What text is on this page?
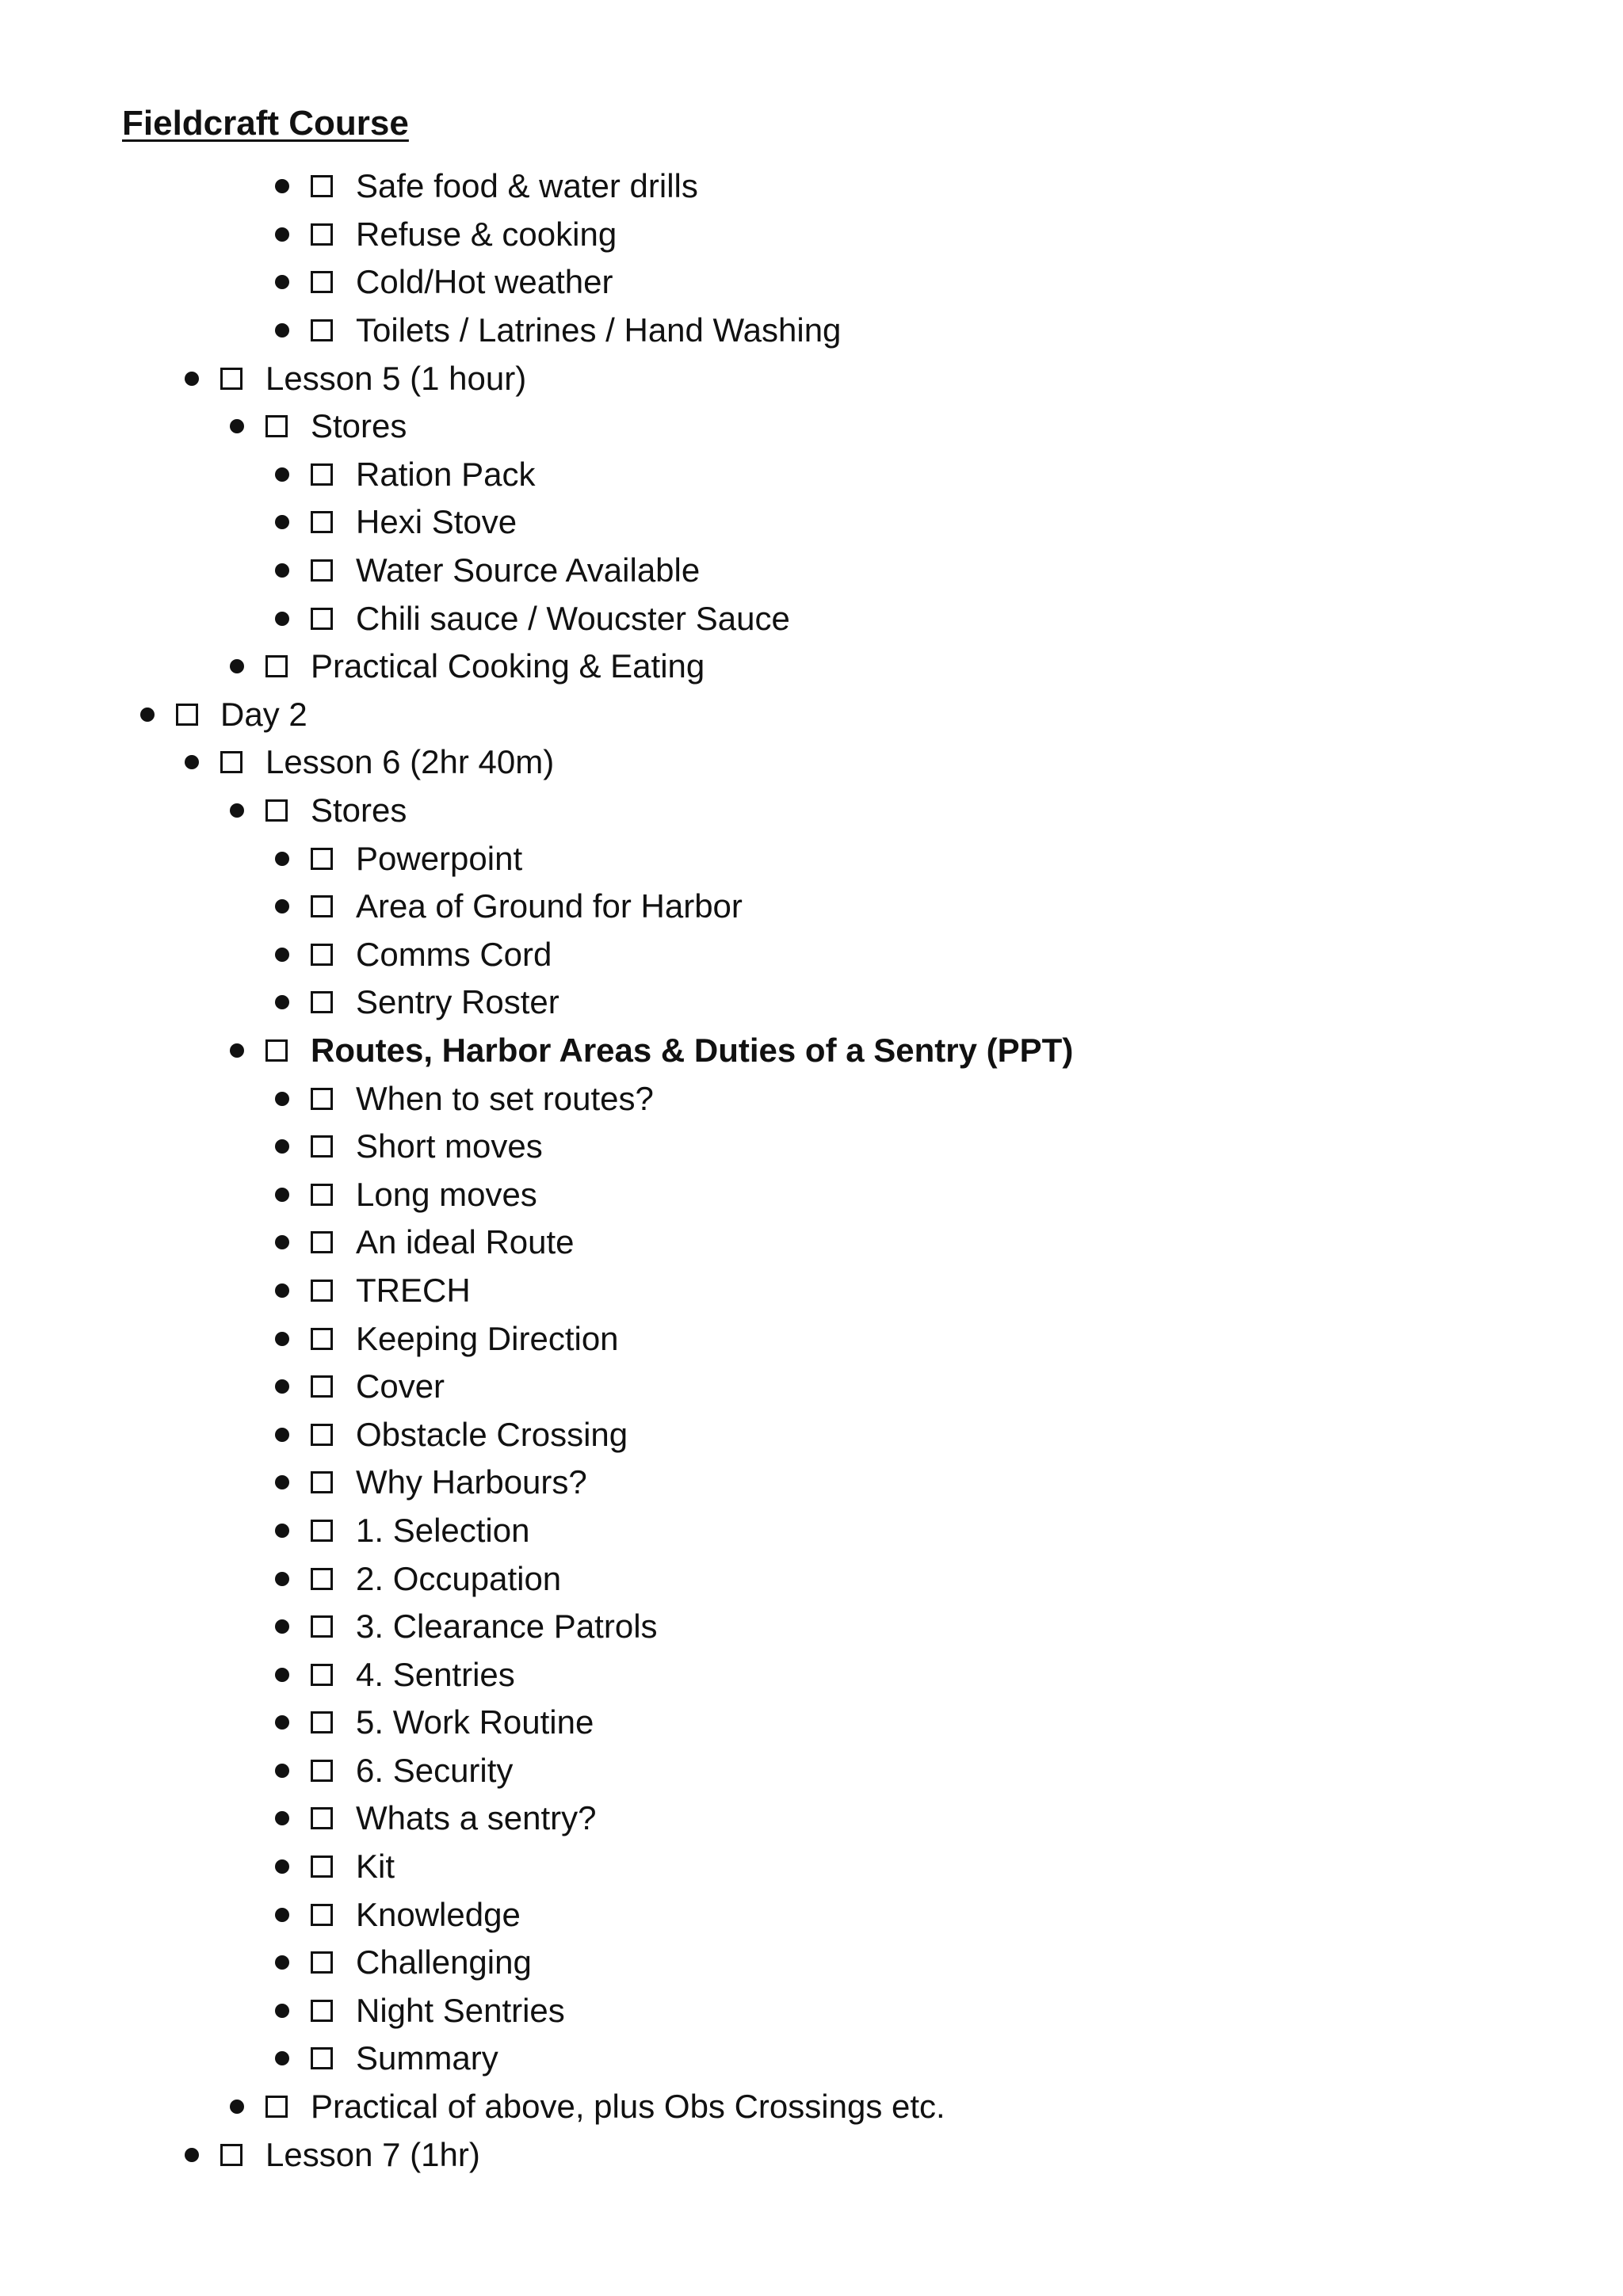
Fieldcraft Course
Safe food & water drills
Refuse & cooking
Cold/Hot weather
Toilets / Latrines / Hand Washing
Lesson 5 (1 hour)
Stores
Ration Pack
Hexi Stove
Water Source Available
Chili sauce / Woucster Sauce
Practical Cooking & Eating
Day 2
Lesson 6 (2hr 40m)
Stores
Powerpoint
Area of Ground for Harbor
Comms Cord
Sentry Roster
Routes, Harbor Areas & Duties of a Sentry (PPT)
When to set routes?
Short moves
Long moves
An ideal Route
TRECH
Keeping Direction
Cover
Obstacle Crossing
Why Harbours?
1. Selection
2. Occupation
3. Clearance Patrols
4. Sentries
5. Work Routine
6. Security
Whats a sentry?
Kit
Knowledge
Challenging
Night Sentries
Summary
Practical of above, plus Obs Crossings etc.
Lesson 7 (1hr)
